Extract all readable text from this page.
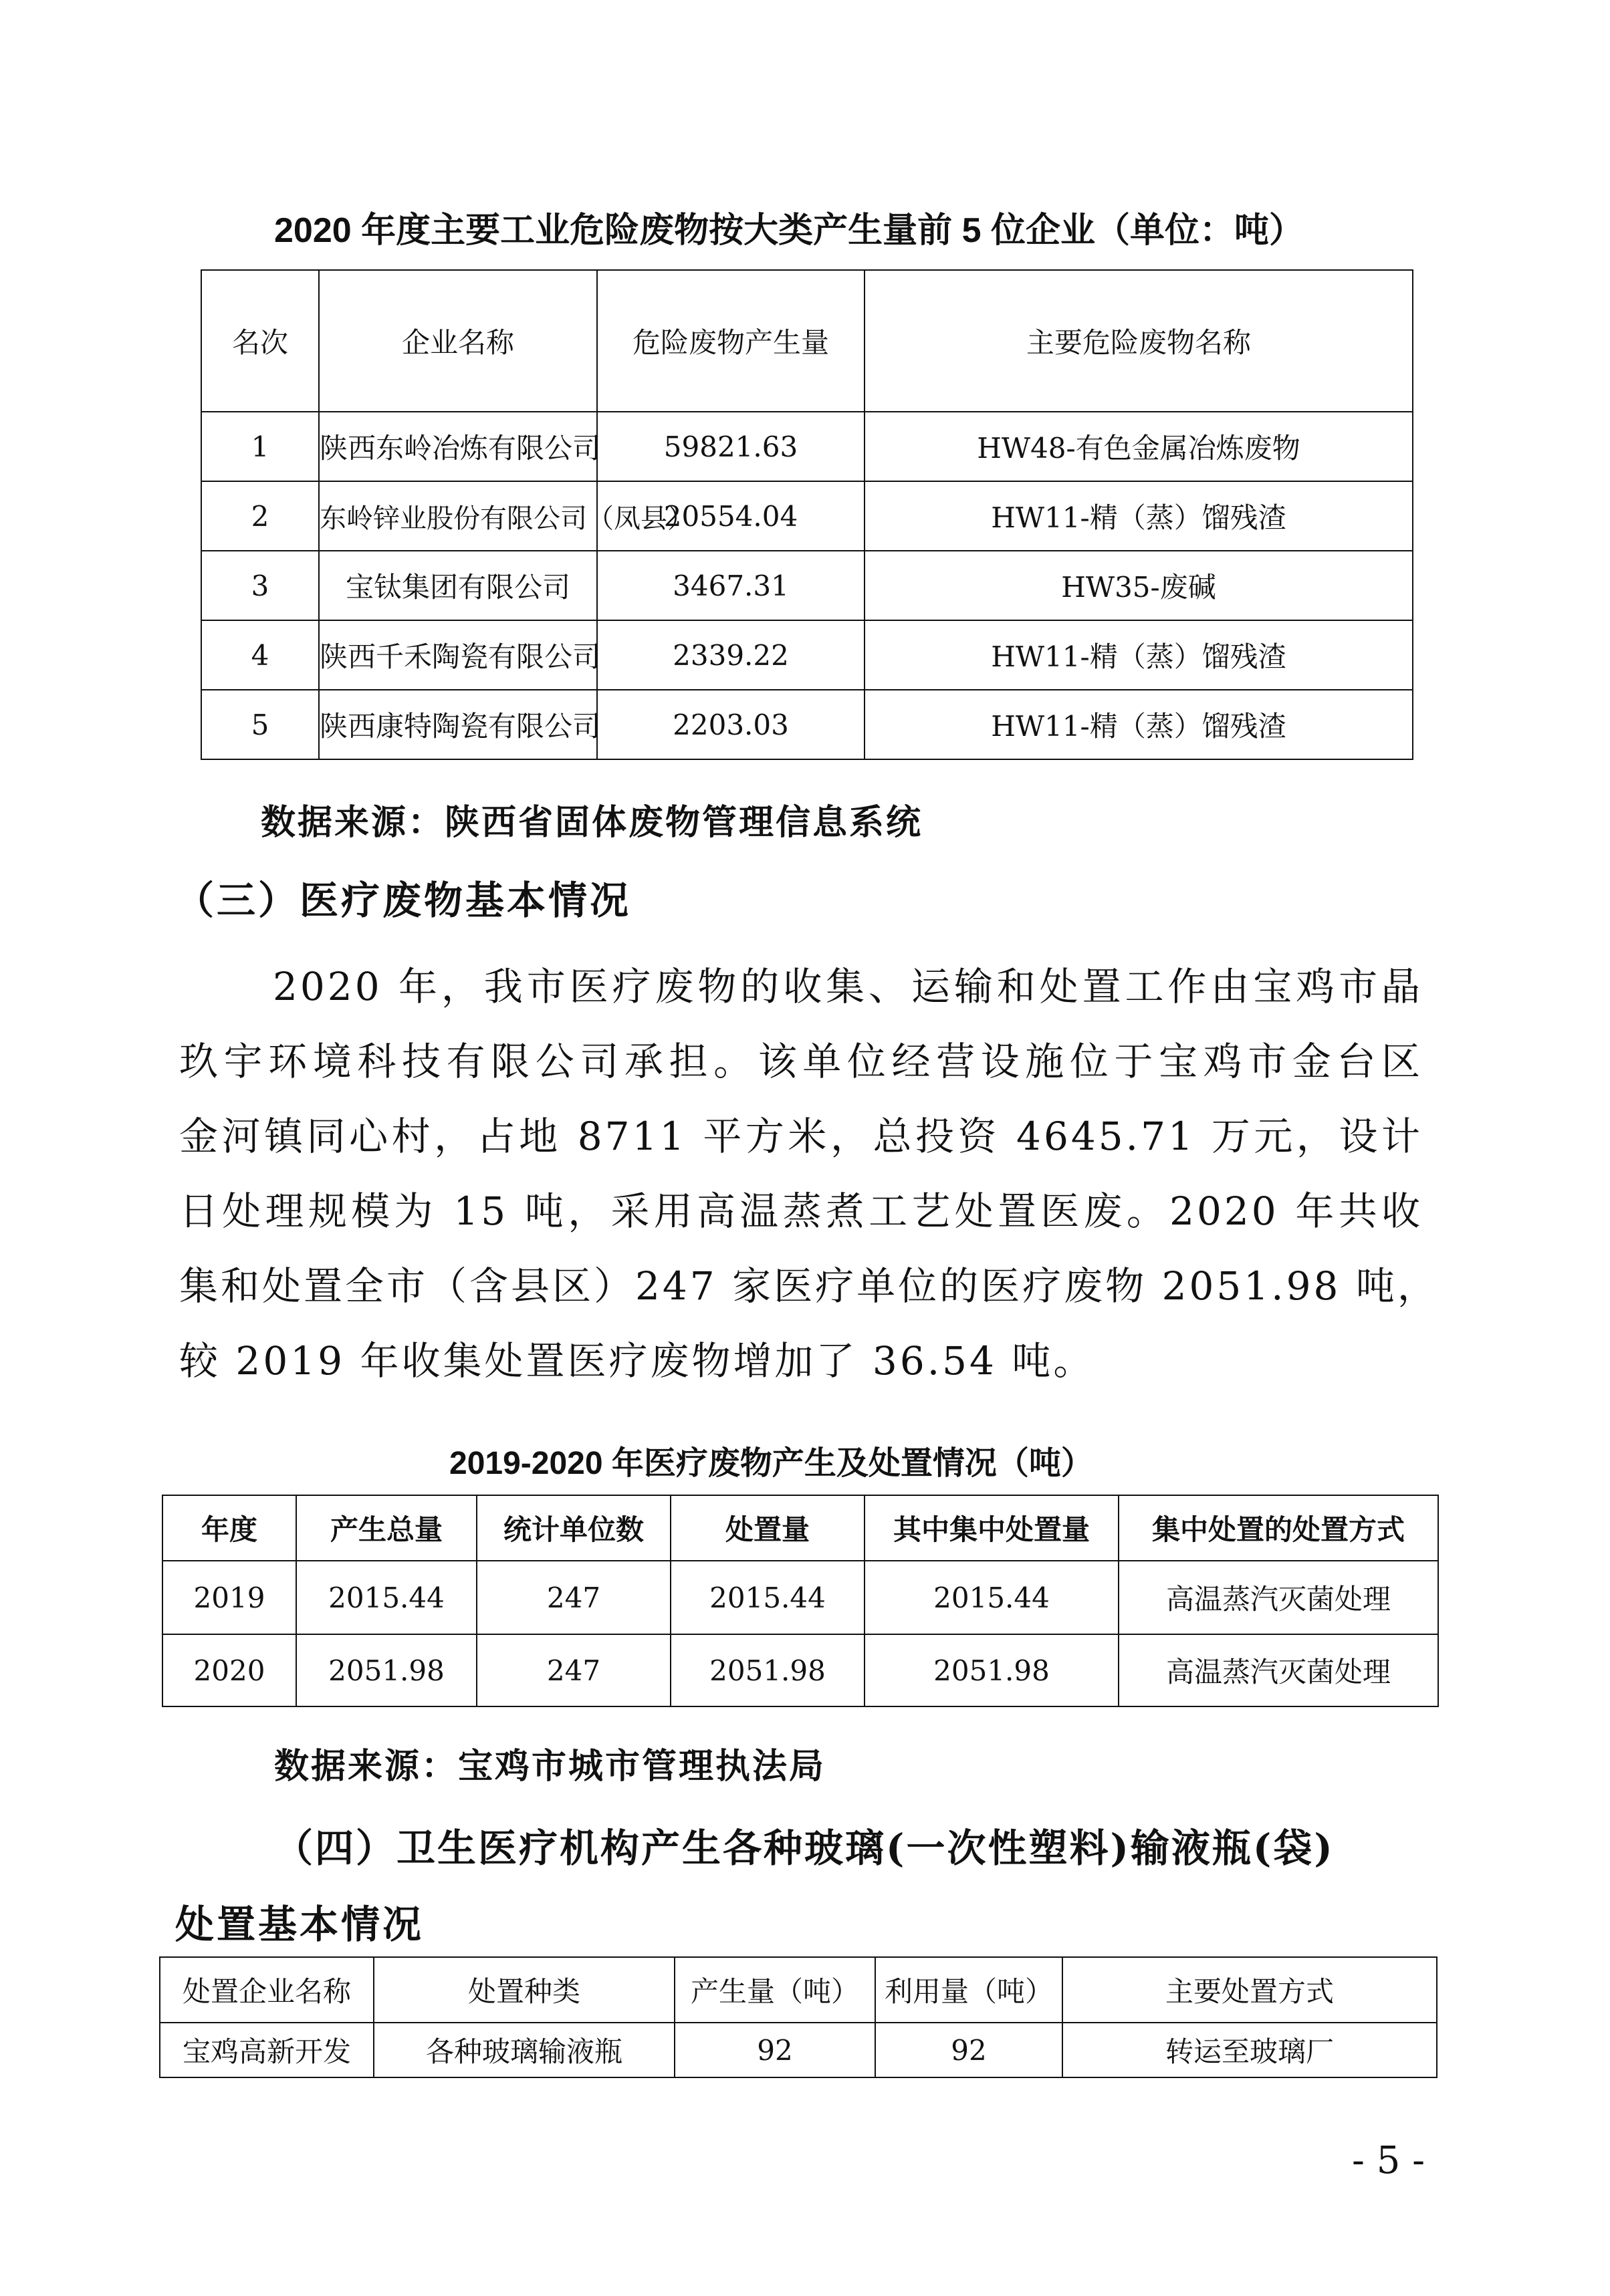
2020 年度主要工业危险废物按大类产生量前 5 位企业（单位：吨）
名次	企业名称	危险废物产生量	主要危险废物名称
1	陕西东岭冶炼有限公司	59821.63	HW48-有色金属冶炼废物
2	东岭锌业股份有限公司（凤县）	20554.04	HW11-精（蒸）馏残渣
3	宝钛集团有限公司	3467.31	HW35-废碱
4	陕西千禾陶瓷有限公司	2339.22	HW11-精（蒸）馏残渣
5	陕西康特陶瓷有限公司	2203.03	HW11-精（蒸）馏残渣
数据来源：陕西省固体废物管理信息系统
（三）医疗废物基本情况
2020 年，我市医疗废物的收集、运输和处置工作由宝鸡市晶
玖宇环境科技有限公司承担。该单位经营设施位于宝鸡市金台区
金河镇同心村，占地 8711 平方米，总投资 4645.71 万元，设计
日处理规模为 15 吨，采用高温蒸煮工艺处置医废。2020 年共收
集和处置全市（含县区）247 家医疗单位的医疗废物 2051.98 吨，
较 2019 年收集处置医疗废物增加了 36.54 吨。
2019-2020 年医疗废物产生及处置情况（吨）
年度	产生总量	统计单位数	处置量	其中集中处置量	集中处置的处置方式
2019	2015.44	247	2015.44	2015.44	高温蒸汽灭菌处理
2020	2051.98	247	2051.98	2051.98	高温蒸汽灭菌处理
数据来源：宝鸡市城市管理执法局
（四）卫生医疗机构产生各种玻璃(一次性塑料)输液瓶(袋)
处置基本情况
处置企业名称	处置种类	产生量（吨）	利用量（吨）	主要处置方式
宝鸡高新开发	各种玻璃输液瓶	92	92	转运至玻璃厂
- 5 -
